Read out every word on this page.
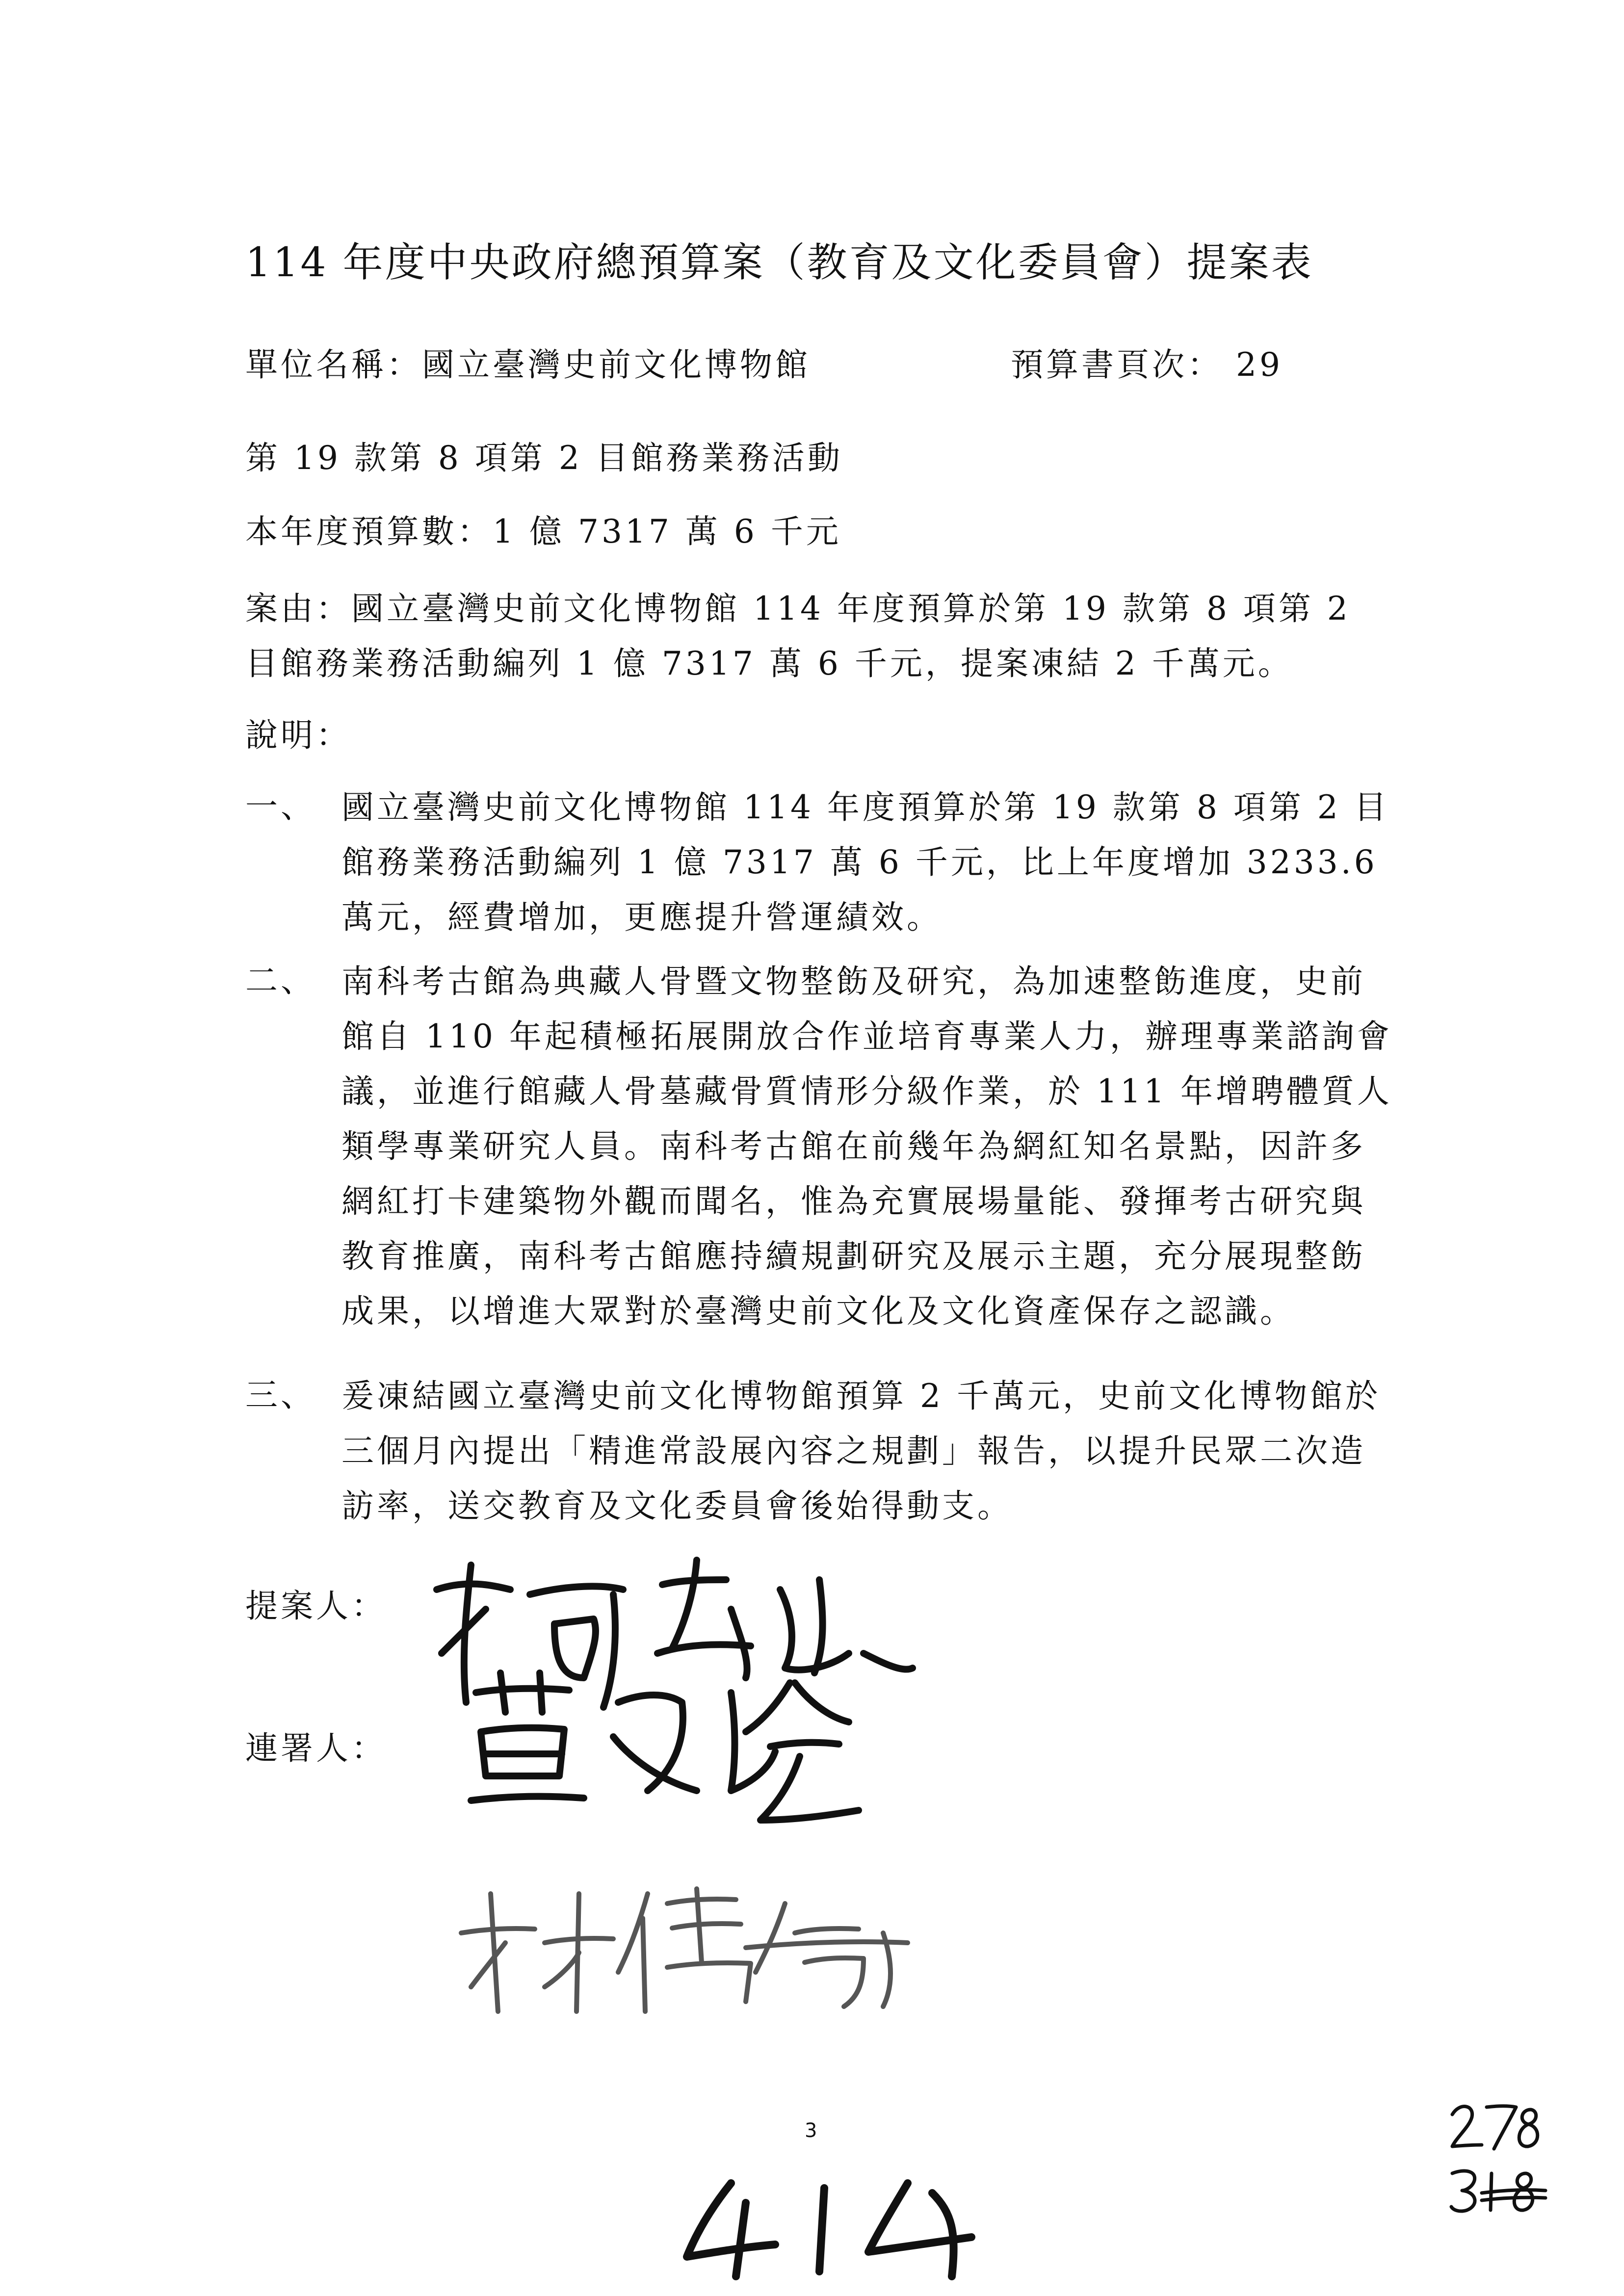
114 年度中央政府總預算案（教育及文化委員會）提案表
單位名稱：國立臺灣史前文化博物館	預算書頁次： 29
第 19 款第 8 項第 2 目館務業務活動
本年度預算數：1 億 7317 萬 6 千元
案由：國立臺灣史前文化博物館 114 年度預算於第 19 款第 8 項第 2 目館務業務活動編列 1 億 7317 萬 6 千元，提案凍結 2 千萬元。
說明：
一、 國立臺灣史前文化博物館 114 年度預算於第 19 款第 8 項第 2 目館務業務活動編列 1 億 7317 萬 6 千元，比上年度增加 3233.6 萬元，經費增加，更應提升營運績效。
二、 南科考古館為典藏人骨暨文物整飭及研究，為加速整飭進度，史前館自 110 年起積極拓展開放合作並培育專業人力，辦理專業諮詢會議，並進行館藏人骨墓藏骨質情形分級作業，於 111 年增聘體質人類學專業研究人員。南科考古館在前幾年為網紅知名景點，因許多網紅打卡建築物外觀而聞名，惟為充實展場量能、發揮考古研究與教育推廣，南科考古館應持續規劃研究及展示主題，充分展現整飭成果，以增進大眾對於臺灣史前文化及文化資產保存之認識。
三、 爰凍結國立臺灣史前文化博物館預算 2 千萬元，史前文化博物館於三個月內提出「精進常設展內容之規劃」報告，以提升民眾二次造訪率，送交教育及文化委員會後始得動支。
提案人：
連署人：
3
